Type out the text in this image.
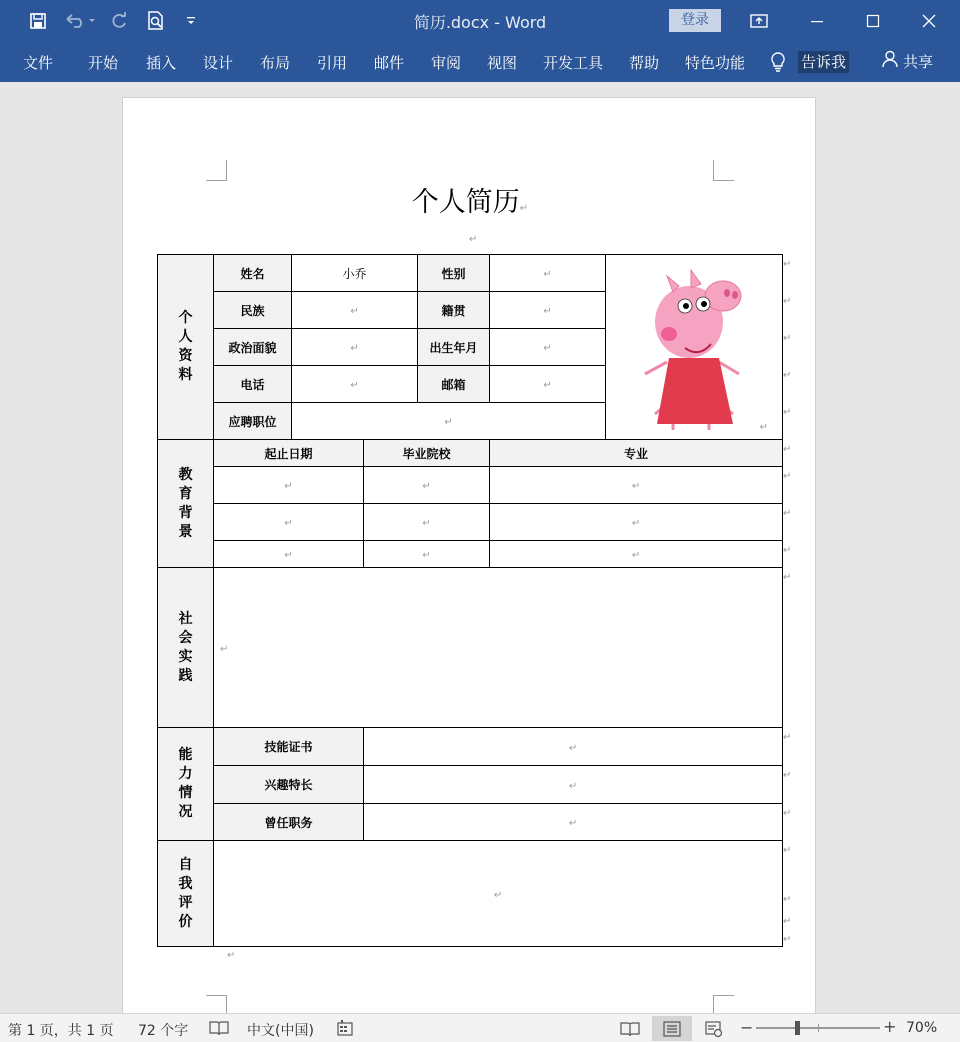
简历.docx - Word	登录
文件 开始 插入 设计 布局 引用 邮件 审阅 视图 开发工具 帮助 特色功能	告诉我	共享
个人简历↵
↵
↵
个人资料	姓名	小乔		性别	↵	↵

	民族	↵		籍贯	↵	
	政治面貌	↵		出生年月	↵	
	电话	↵		邮箱	↵	
	应聘职位	↵				
教育背景	起止日期		毕业院校		专业	
	↵		↵		↵	
	↵		↵		↵	
	↵		↵		↵	
社会实践	↵					
能力情况	技能证书		↵			
	兴趣特长		↵			
	曾任职务		↵			
自我评价	↵					
↵
↵
↵
↵
↵
↵
↵
↵
↵
↵
↵
↵
↵
↵
↵
↵
↵
第 1 页，共 1 页 72 个字	中文(中国)	−	+ 70%
